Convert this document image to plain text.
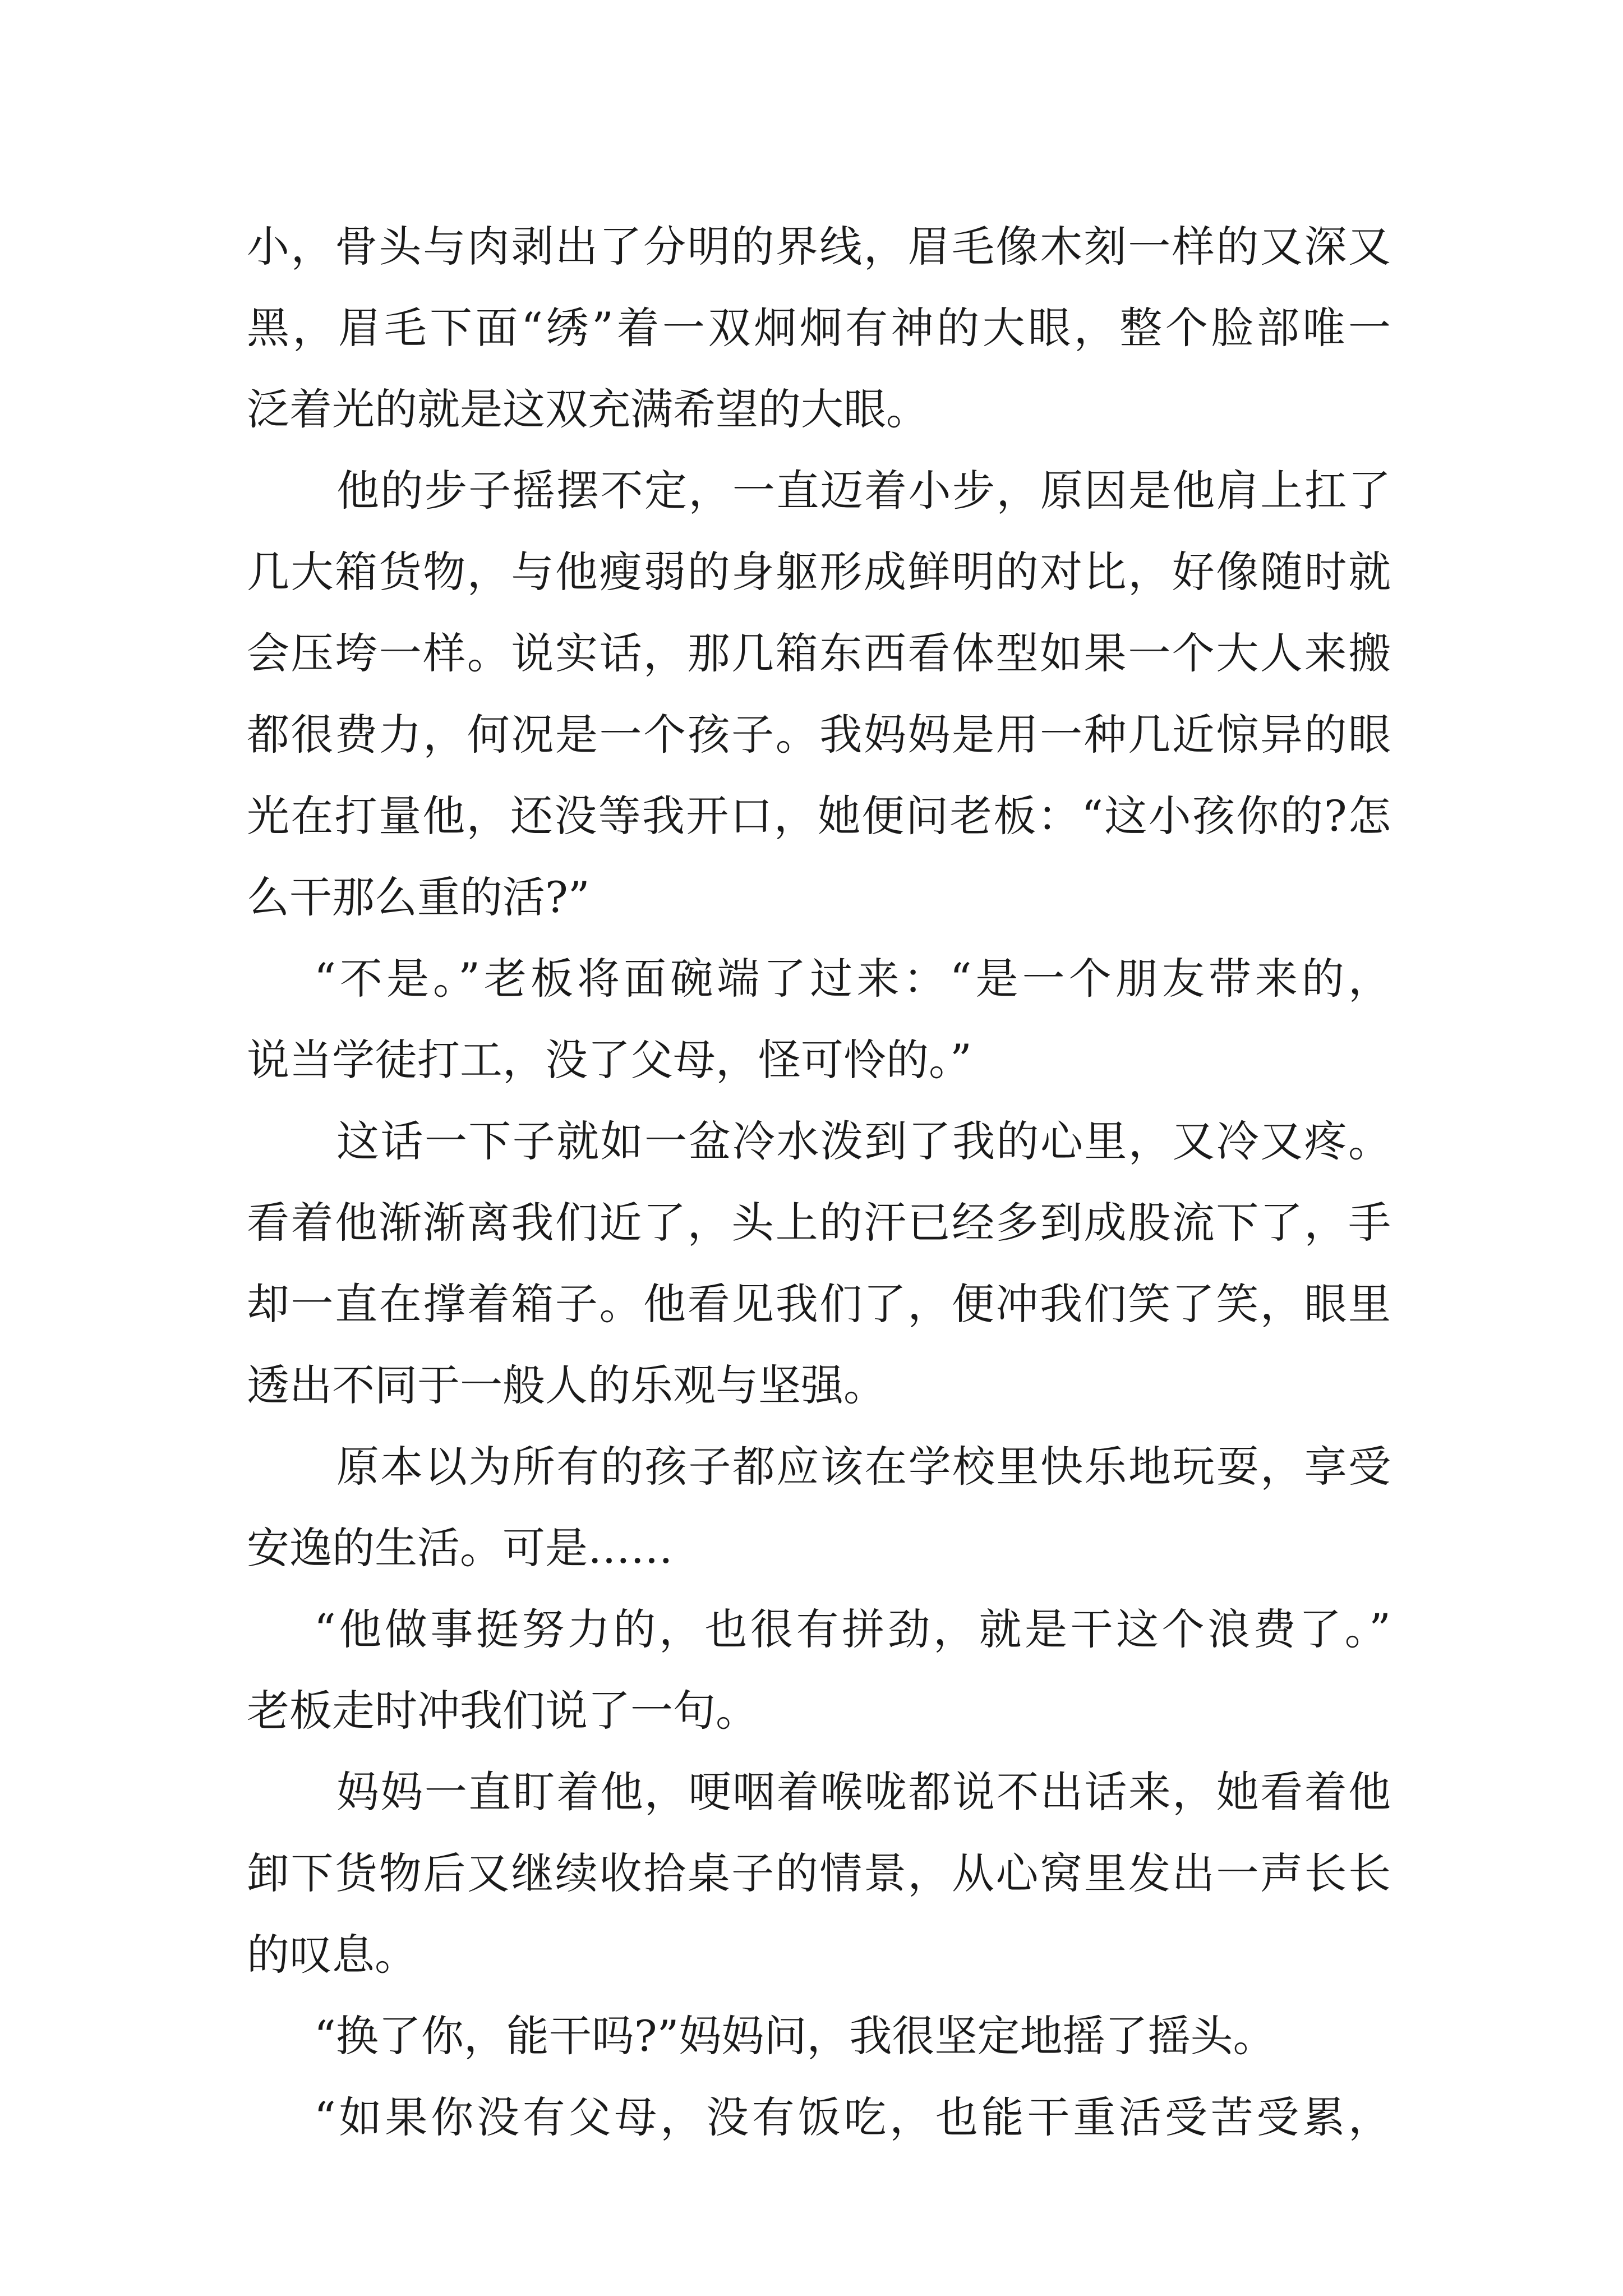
小，骨头与肉剥出了分明的界线，眉毛像木刻一样的又深又
黑，眉毛下面“绣”着一双炯炯有神的大眼，整个脸部唯一
泛着光的就是这双充满希望的大眼。
他的步子摇摆不定，一直迈着小步，原因是他肩上扛了
几大箱货物，与他瘦弱的身躯形成鲜明的对比，好像随时就
会压垮一样。说实话，那几箱东西看体型如果一个大人来搬
都很费力，何况是一个孩子。我妈妈是用一种几近惊异的眼
光在打量他，还没等我开口，她便问老板：“这小孩你的?怎
么干那么重的活?”
“不是。”老板将面碗端了过来：“是一个朋友带来的，
说当学徒打工，没了父母，怪可怜的。”
这话一下子就如一盆冷水泼到了我的心里，又冷又疼。
看着他渐渐离我们近了，头上的汗已经多到成股流下了，手
却一直在撑着箱子。他看见我们了，便冲我们笑了笑，眼里
透出不同于一般人的乐观与坚强。
原本以为所有的孩子都应该在学校里快乐地玩耍，享受
安逸的生活。可是……
“他做事挺努力的，也很有拼劲，就是干这个浪费了。”
老板走时冲我们说了一句。
妈妈一直盯着他，哽咽着喉咙都说不出话来，她看着他
卸下货物后又继续收拾桌子的情景，从心窝里发出一声长长
的叹息。
“换了你，能干吗?”妈妈问，我很坚定地摇了摇头。
“如果你没有父母，没有饭吃，也能干重活受苦受累，
